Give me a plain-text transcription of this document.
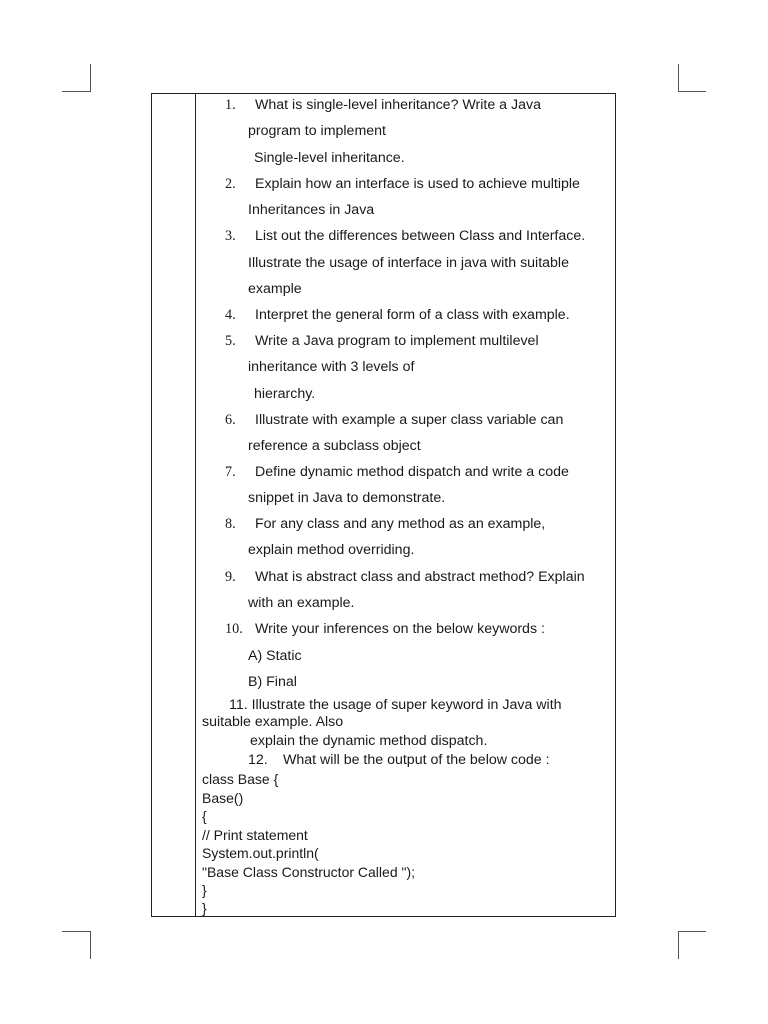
1. What is single-level inheritance? Write a Java
program to implement
Single-level inheritance.
2. Explain how an interface is used to achieve multiple
Inheritances in Java
3. List out the differences between Class and Interface.
Illustrate the usage of interface in java with suitable
example
4. Interpret the general form of a class with example.
5. Write a Java program to implement multilevel
inheritance with 3 levels of
hierarchy.
6. Illustrate with example a super class variable can
reference a subclass object
7. Define dynamic method dispatch and write a code
snippet in Java to demonstrate.
8. For any class and any method as an example,
explain method overriding.
9. What is abstract class and abstract method? Explain
with an example.
10. Write your inferences on the below keywords :
A) Static
B) Final
11. Illustrate the usage of super keyword in Java with
suitable example. Also
explain the dynamic method dispatch.
12. What will be the output of the below code :
class Base {
Base()
{
// Print statement
System.out.println(
"Base Class Constructor Called ");
}
}
